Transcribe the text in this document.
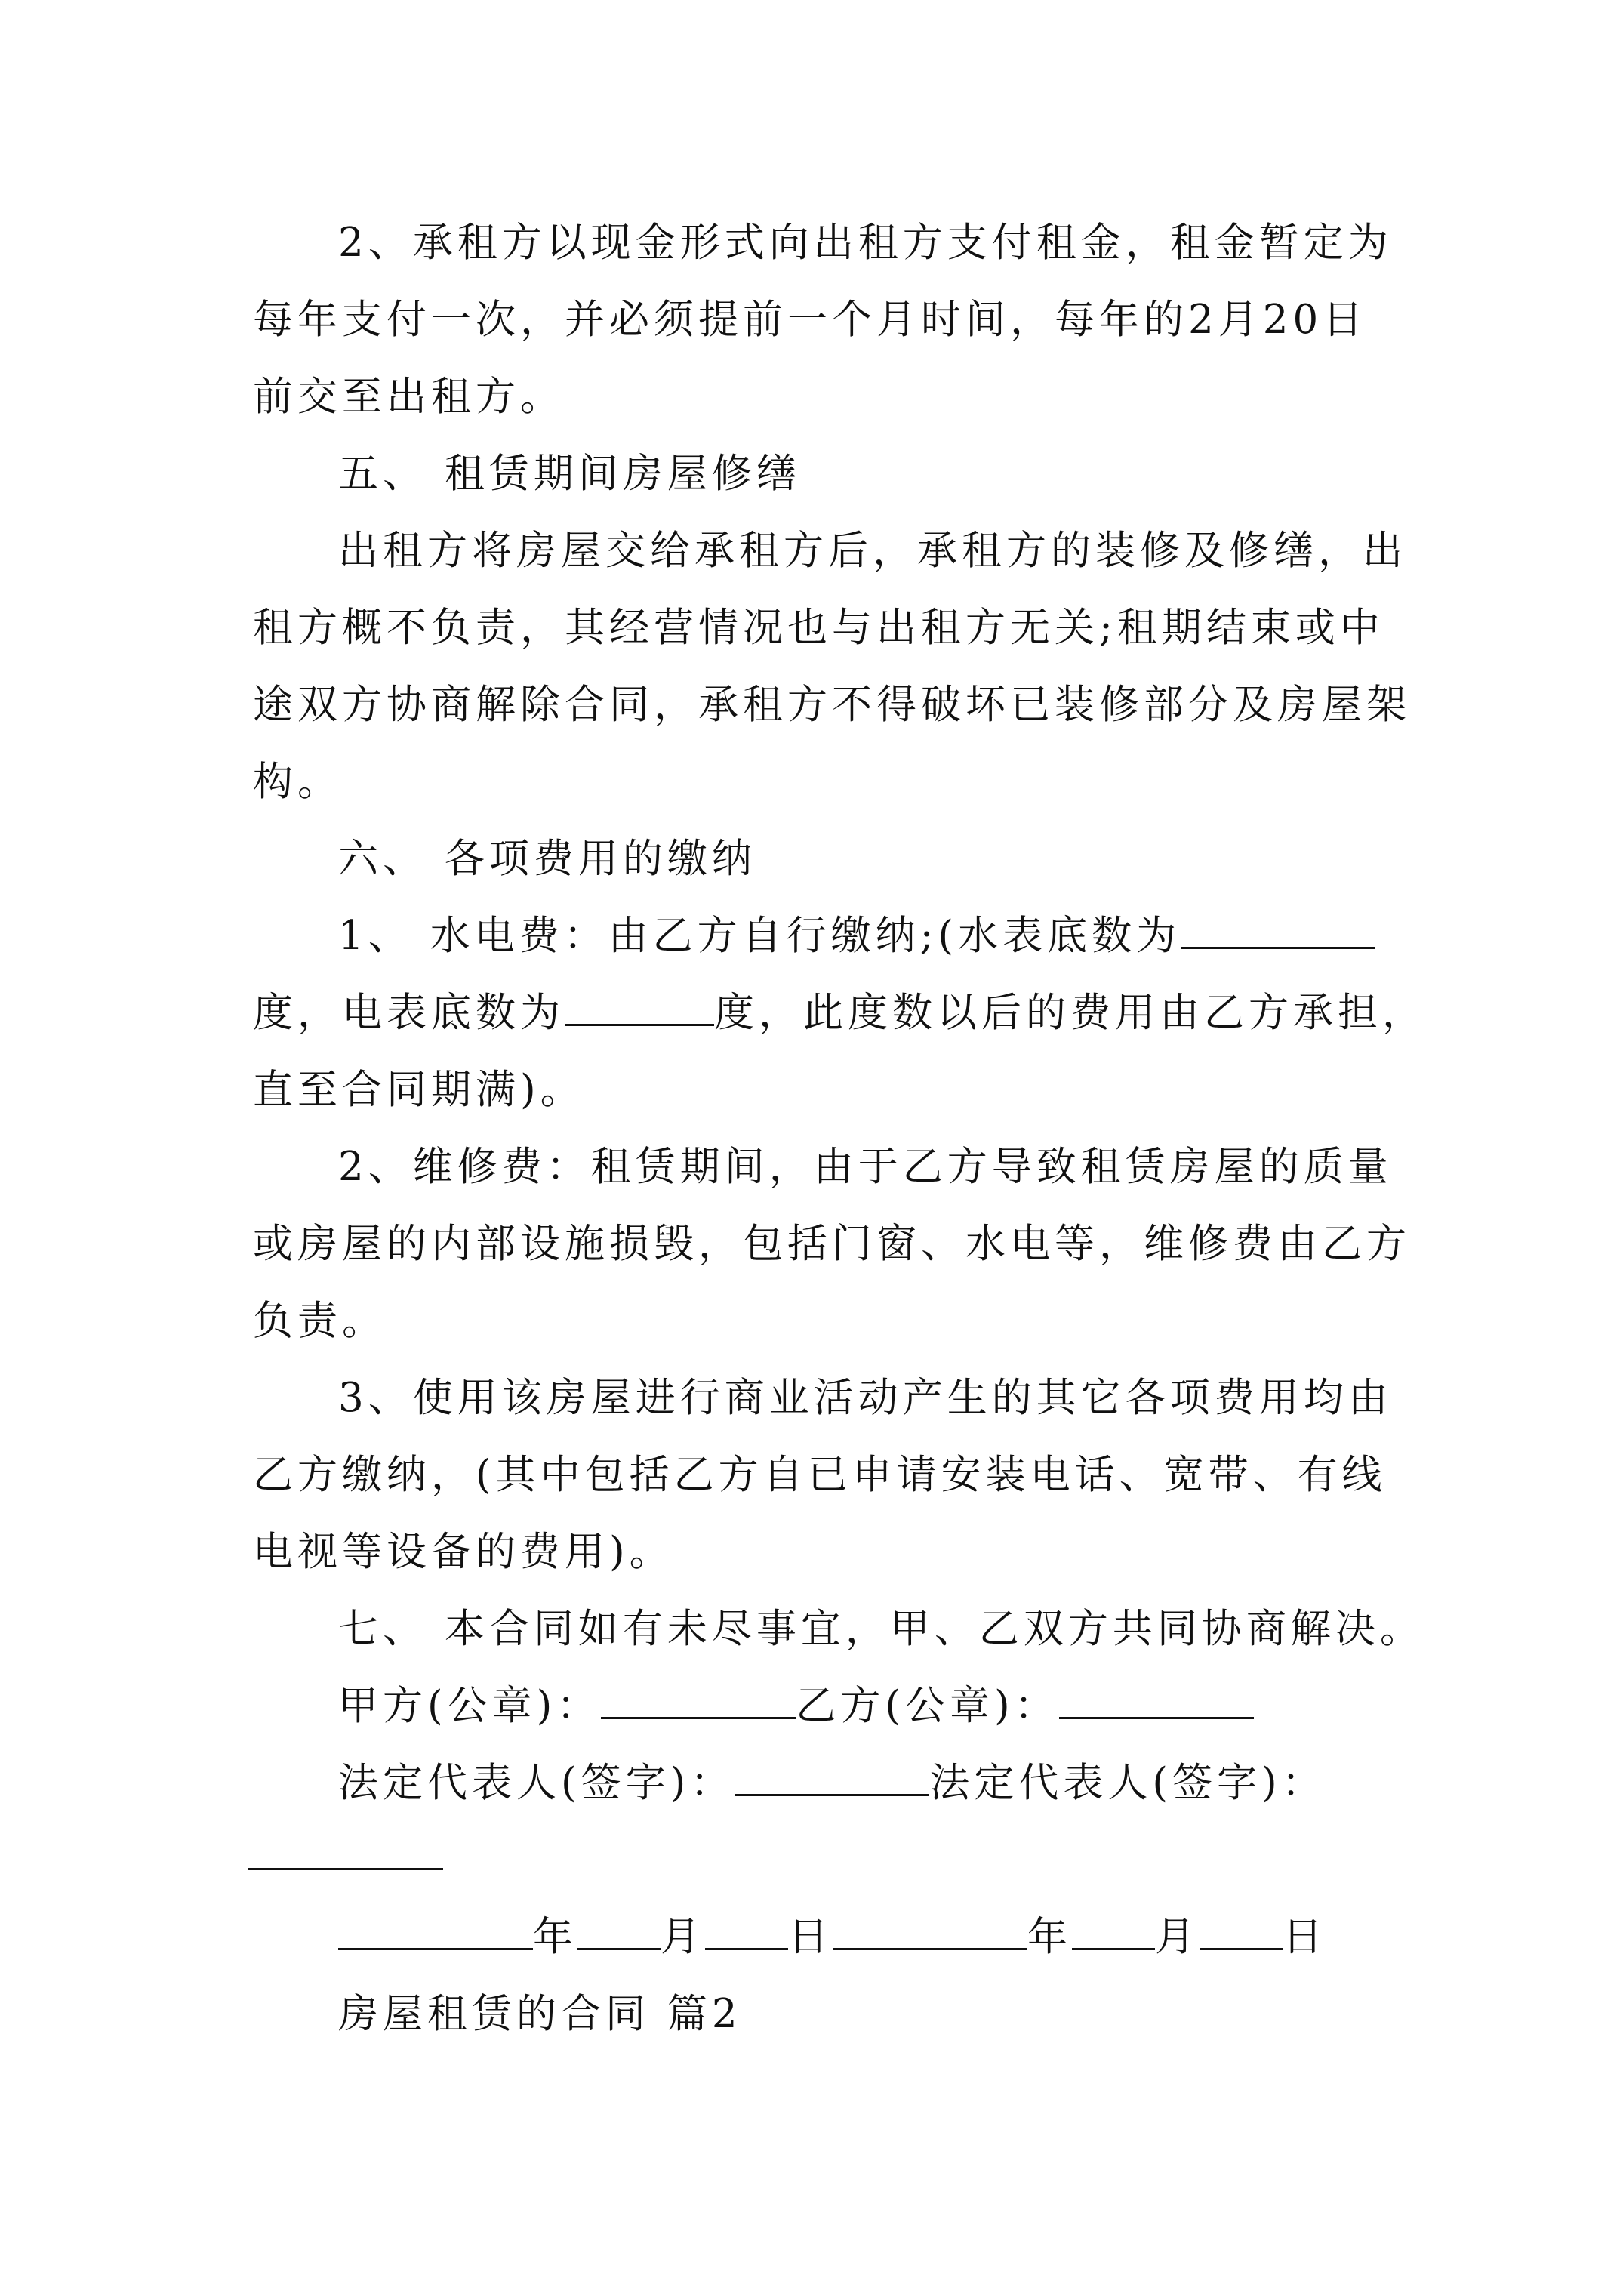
2、承租方以现金形式向出租方支付租金，租金暂定为
每年支付一次，并必须提前一个月时间，每年的2月20日
前交至出租方。
五、 租赁期间房屋修缮
出租方将房屋交给承租方后，承租方的装修及修缮，出
租方概不负责，其经营情况也与出租方无关;租期结束或中
途双方协商解除合同，承租方不得破坏已装修部分及房屋架
构。
六、 各项费用的缴纳
1、 水电费：由乙方自行缴纳;(水表底数为
度，电表底数为	度，此度数以后的费用由乙方承担，
直至合同期满)。
2、维修费：租赁期间，由于乙方导致租赁房屋的质量
或房屋的内部设施损毁，包括门窗、水电等，维修费由乙方
负责。
3、使用该房屋进行商业活动产生的其它各项费用均由
乙方缴纳，(其中包括乙方自已申请安装电话、宽带、有线
电视等设备的费用)。
七、 本合同如有未尽事宜，甲、乙双方共同协商解决。
甲方(公章)：	乙方(公章)：
法定代表人(签字)：	法定代表人(签字)：
年 月 日	年 月 日
房屋租赁的合同 篇2
